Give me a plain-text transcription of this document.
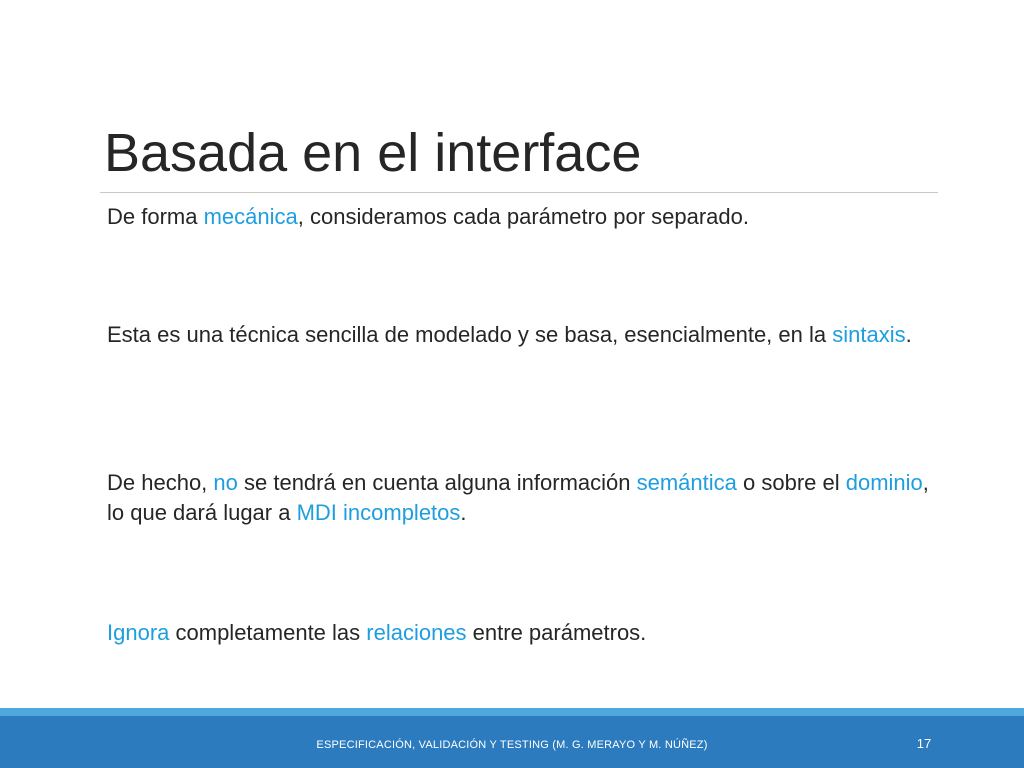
Basada en el interface
De forma mecánica, consideramos cada parámetro por separado.
Esta es una técnica sencilla de modelado y se basa, esencialmente, en la sintaxis.
De hecho, no se tendrá en cuenta alguna información semántica o sobre el dominio, lo que dará lugar a MDI incompletos.
Ignora completamente las relaciones entre parámetros.
ESPECIFICACIÓN, VALIDACIÓN Y TESTING (M. G. MERAYO Y M. NÚÑEZ)	17
